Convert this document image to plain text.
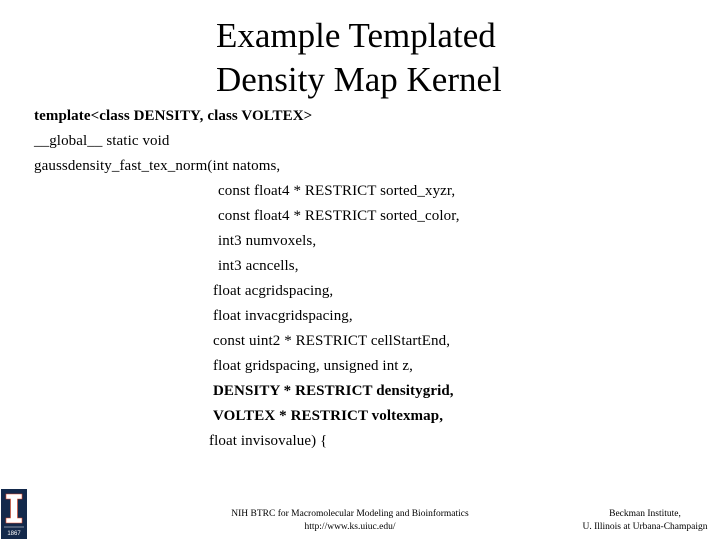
Example Templated
Density Map Kernel
template<class DENSITY, class VOLTEX>
__global__ static void
gaussdensity_fast_tex_norm(int natoms,
const float4 * RESTRICT sorted_xyzr,
const float4 * RESTRICT sorted_color,
int3 numvoxels,
int3 acncells,
float acgridspacing,
float invacgridspacing,
const uint2 * RESTRICT cellStartEnd,
float gridspacing, unsigned int z,
DENSITY * RESTRICT densitygrid,
VOLTEX * RESTRICT voltexmap,
float invisovalue) {
1867
NIH BTRC for Macromolecular Modeling and Bioinformatics
http://www.ks.uiuc.edu/
Beckman Institute,
U. Illinois at Urbana-Champaign
